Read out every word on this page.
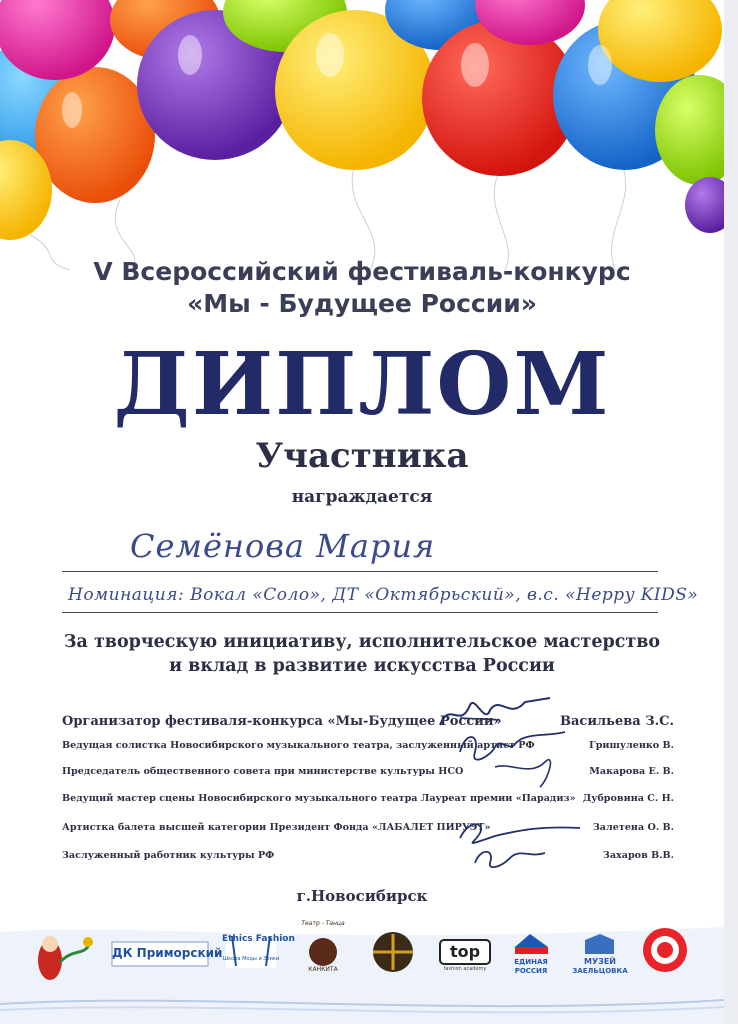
V Всероссийский фестиваль-конкурс
«Мы - Будущее России»
ДИПЛОМ
Участника
награждается
Семёнова Мария
Номинация: Вокал «Соло», ДТ «Октябрьский», в.с. «Heppy KIDS»
За творческую инициативу, исполнительское мастерство
и вклад в развитие искусства России
Организатор фестиваля-конкурса «Мы-Будущее России»	Васильева З.С.
Ведущая солистка Новосибирского музыкального театра, заслуженный артист РФ	Гришуленко В.
Председатель общественного совета при министерстве культуры НСО	Макарова Е. В.
Ведущий мастер сцены Новосибирского музыкального театра Лауреат премии «Парадиз» Дубровина С. Н.
Артистка балета высшей категории Президент Фонда «ЛАБАЛЕТ ПИРУЭТ»	Залетена О. В.
Заслуженный работник культуры РФ	Захаров В.В.
г.Новосибирск
ДК Приморский
Ethics Fashion
Школа Моды и Этики
Театр - Танца
КАНКИТА
top
fashion academy
ЕДИНАЯ
РОССИЯ
МУЗЕЙ
ЗАЕЛЬЦОВКА
